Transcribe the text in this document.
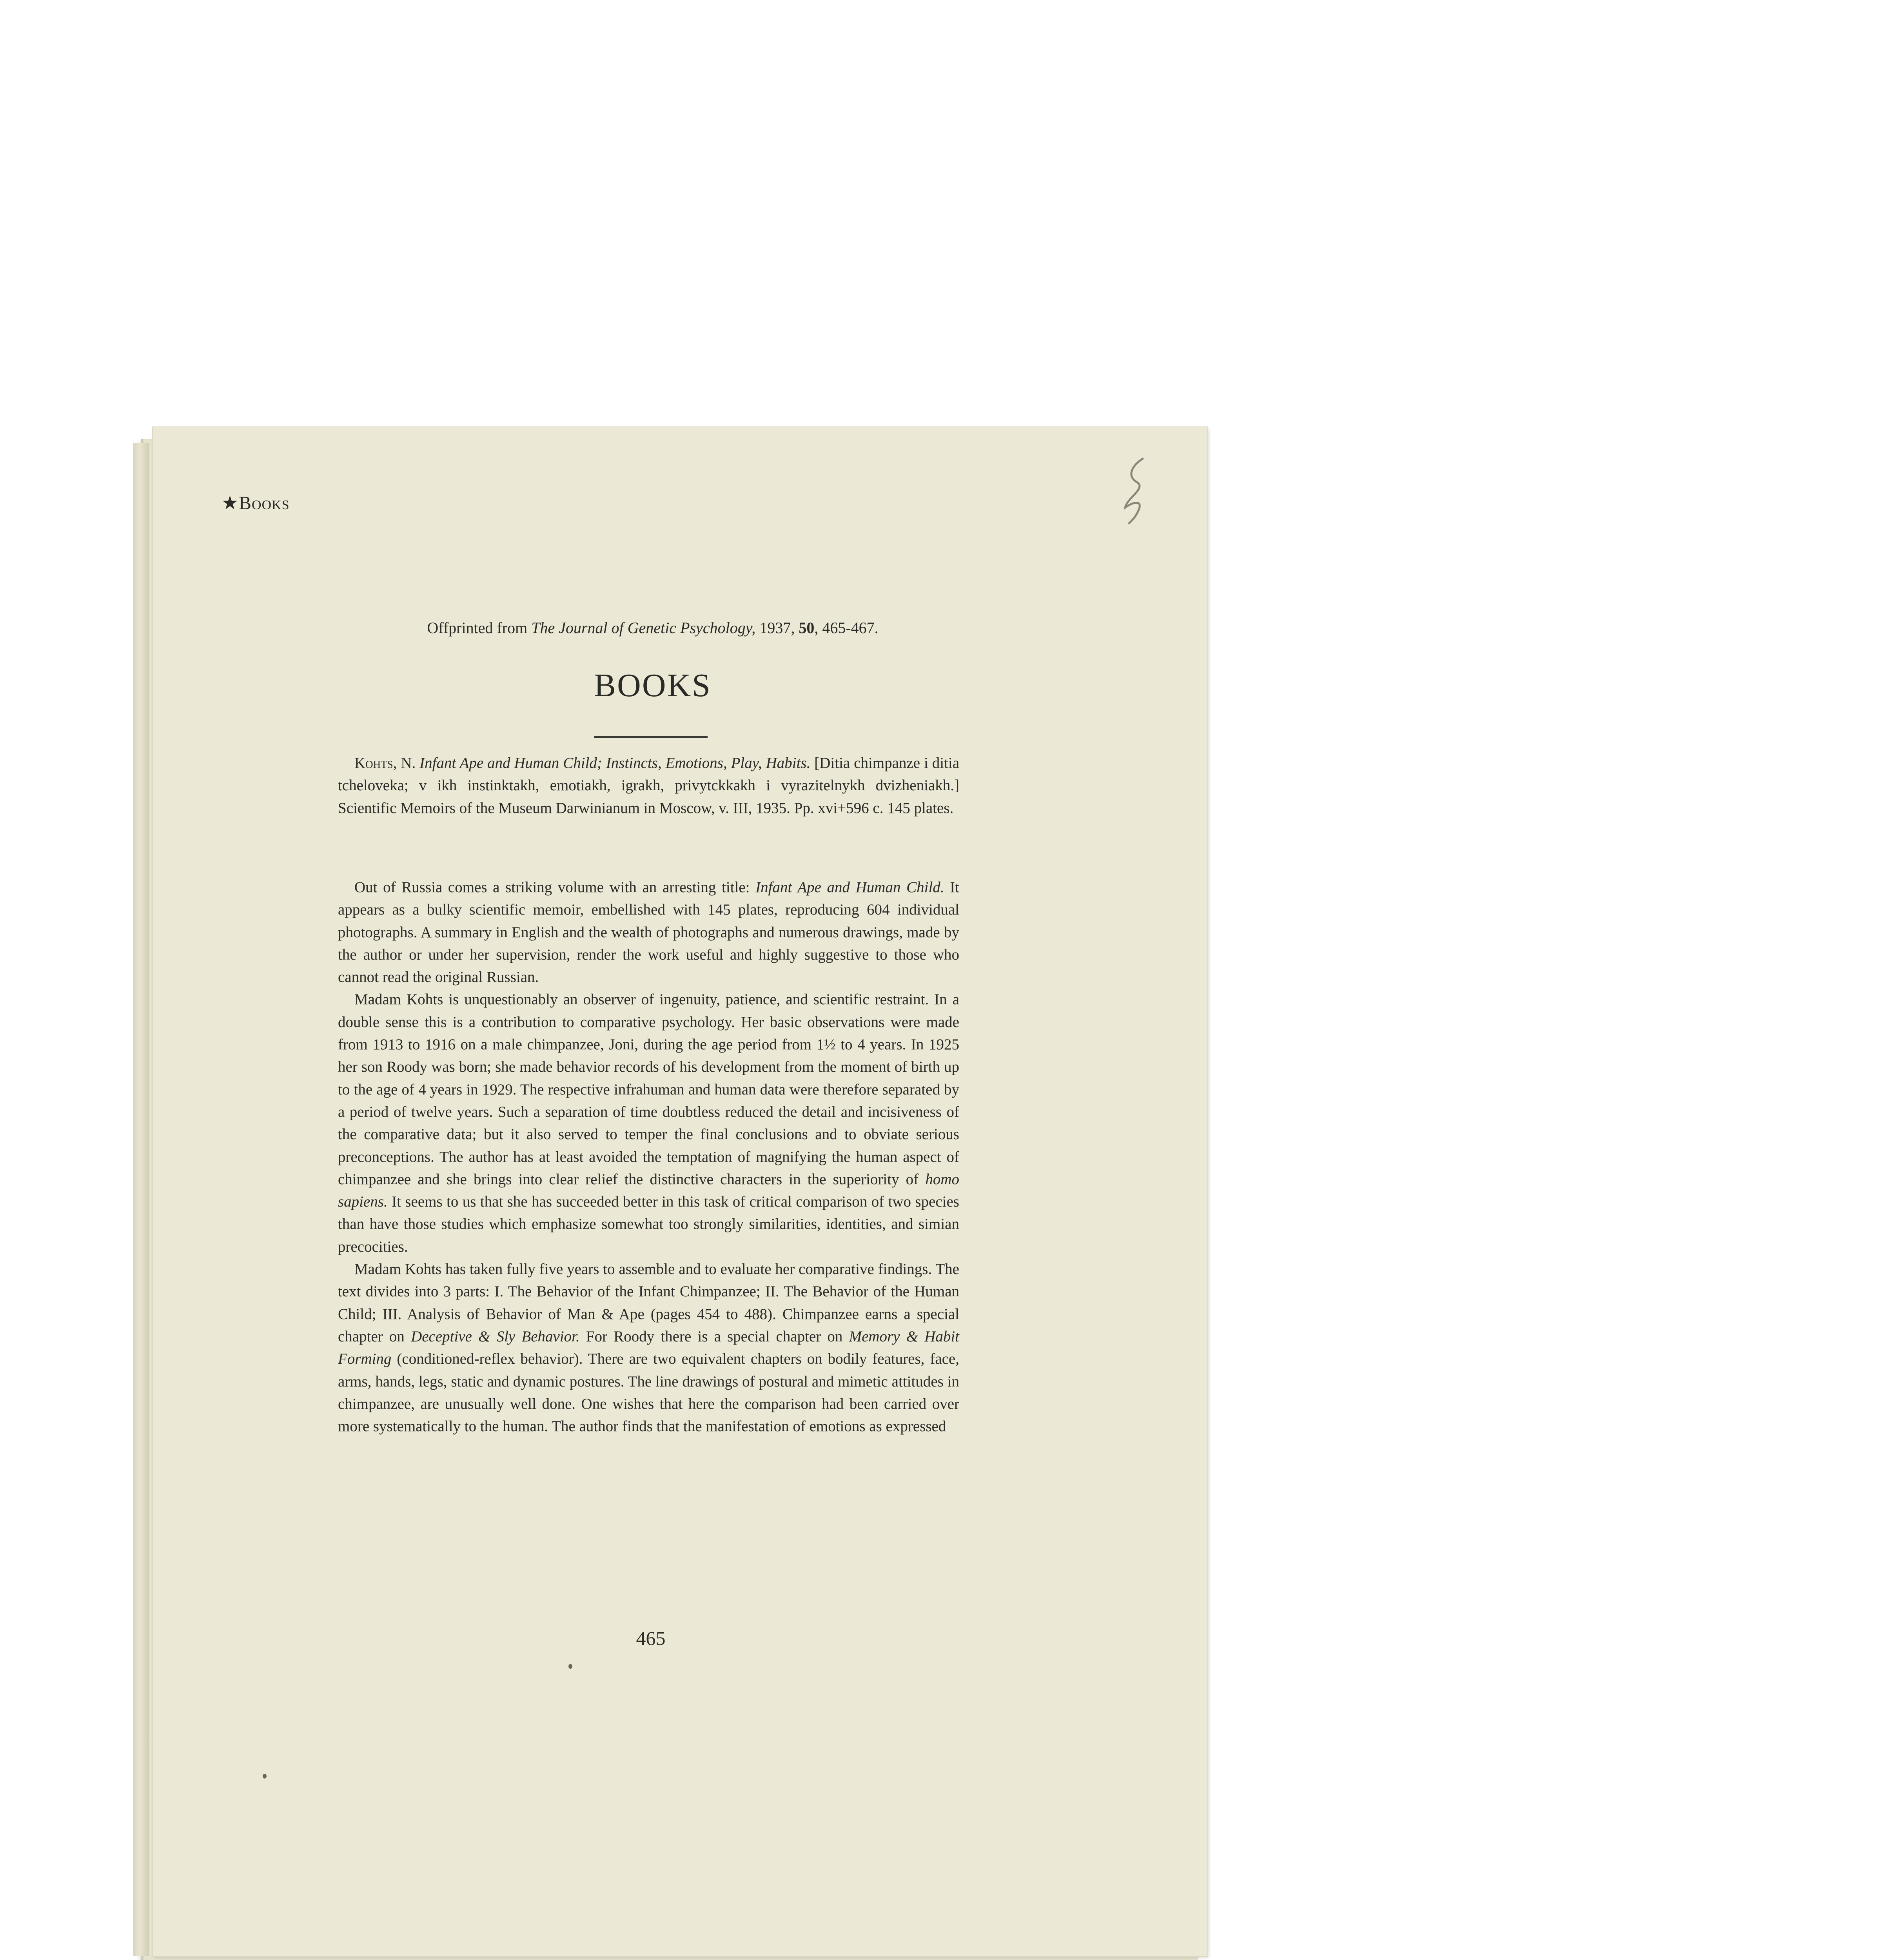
★Books
Offprinted from The Journal of Genetic Psychology, 1937, 50, 465-467.
BOOKS

Kohts, N. Infant Ape and Human Child; Instincts, Emotions, Play, Habits. [Ditia chimpanze i ditia tcheloveka; v ikh instinktakh, emotiakh, igrakh, privytckkakh i vyrazitelnykh dvizheniakh.] Scientific Memoirs of the Museum Darwinianum in Moscow, v. III, 1935. Pp. xvi+596 c. 145 plates.

Out of Russia comes a striking volume with an arresting title: Infant Ape and Human Child. It appears as a bulky scientific memoir, embellished with 145 plates, reproducing 604 individual photographs. A summary in English and the wealth of photographs and numerous drawings, made by the author or under her supervision, render the work useful and highly suggestive to those who cannot read the original Russian.

Madam Kohts is unquestionably an observer of ingenuity, patience, and scientific restraint. In a double sense this is a contribution to comparative psychology. Her basic observations were made from 1913 to 1916 on a male chimpanzee, Joni, during the age period from 1½ to 4 years. In 1925 her son Roody was born; she made behavior records of his development from the moment of birth up to the age of 4 years in 1929. The respective infrahuman and human data were therefore separated by a period of twelve years. Such a separation of time doubtless reduced the detail and incisiveness of the comparative data; but it also served to temper the final conclusions and to obviate serious preconceptions. The author has at least avoided the temptation of magnifying the human aspect of chimpanzee and she brings into clear relief the distinctive characters in the superiority of homo sapiens. It seems to us that she has succeeded better in this task of critical comparison of two species than have those studies which emphasize somewhat too strongly similarities, identities, and simian precocities.

Madam Kohts has taken fully five years to assemble and to evaluate her comparative findings. The text divides into 3 parts: I. The Behavior of the Infant Chimpanzee; II. The Behavior of the Human Child; III. Analysis of Behavior of Man & Ape (pages 454 to 488). Chimpanzee earns a special chapter on Deceptive & Sly Behavior. For Roody there is a special chapter on Memory & Habit Forming (conditioned-reflex behavior). There are two equivalent chapters on bodily features, face, arms, hands, legs, static and dynamic postures. The line drawings of postural and mimetic attitudes in chimpanzee, are unusually well done. One wishes that here the comparison had been carried over more systematically to the human. The author finds that the manifestation of emotions as expressed

465
